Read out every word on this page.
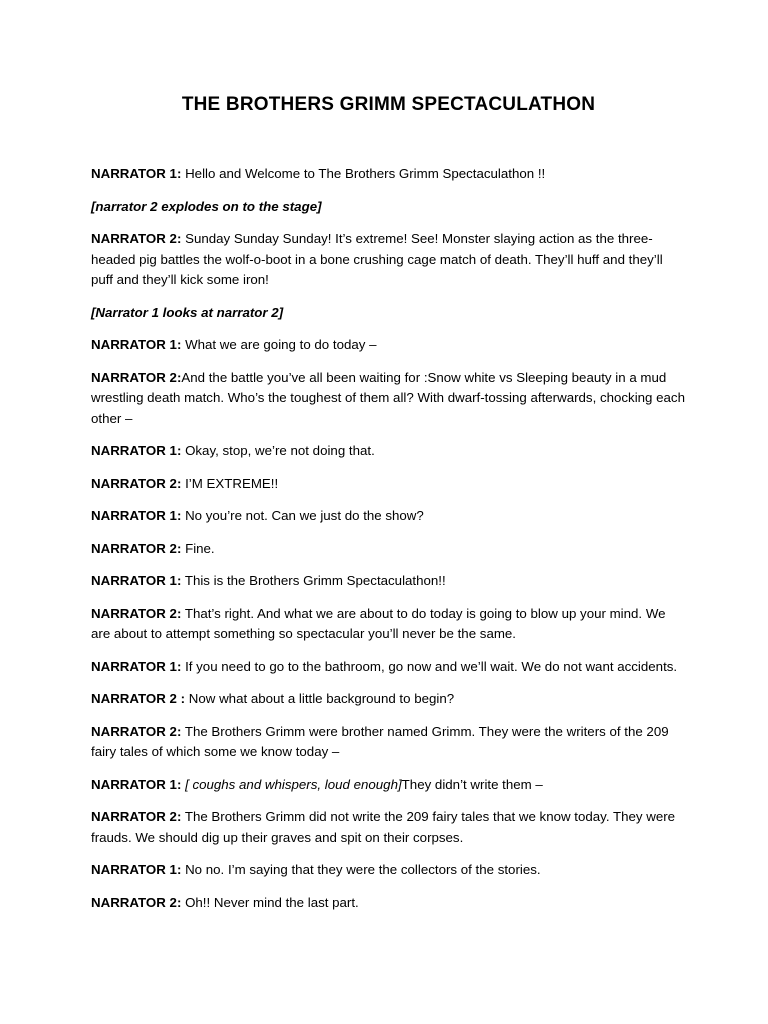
THE BROTHERS GRIMM SPECTACULATHON

NARRATOR 1: Hello and Welcome to The Brothers Grimm Spectaculathon !!

[narrator 2 explodes on to the stage]

NARRATOR 2: Sunday Sunday Sunday! It’s extreme! See! Monster slaying action as the three-headed pig battles the wolf-o-boot in a bone crushing cage match of death. They’ll huff and they’ll puff and they’ll kick some iron!

[Narrator 1 looks at narrator 2]

NARRATOR 1: What we are going to do today –

NARRATOR 2:And the battle you’ve all been waiting for :Snow white vs Sleeping beauty in a mud wrestling death match. Who’s the toughest of them all? With dwarf-tossing afterwards, chocking each other –

NARRATOR 1: Okay, stop, we’re not doing that.

NARRATOR 2: I’M EXTREME!!

NARRATOR 1: No you’re not. Can we just do the show?

NARRATOR 2: Fine.

NARRATOR 1: This is the Brothers Grimm Spectaculathon!!

NARRATOR 2: That’s right. And what we are about to do today is going to blow up your mind. We are about to attempt something so spectacular you’ll never be the same.

NARRATOR 1: If you need to go to the bathroom, go now and we’ll wait. We do not want accidents.

NARRATOR 2 : Now what about a little background to begin?

NARRATOR 2: The Brothers Grimm were brother named Grimm. They were the writers of the 209 fairy tales of which some we know today –

NARRATOR 1: [ coughs and whispers, loud enough]They didn’t write them –

NARRATOR 2: The Brothers Grimm did not write the 209 fairy tales that we know today. They were frauds. We should dig up their graves and spit on their corpses.

NARRATOR 1: No no. I’m saying that they were the collectors of the stories.

NARRATOR 2: Oh!! Never mind the last part.
